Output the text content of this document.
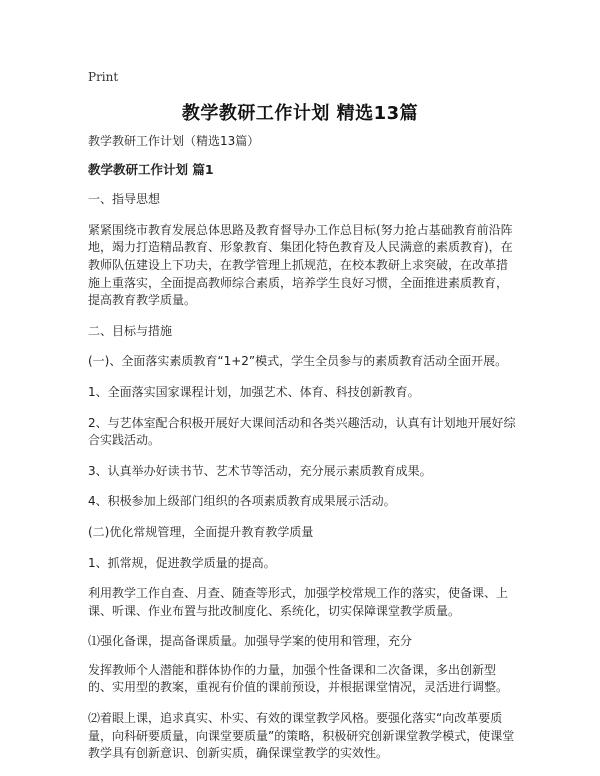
Print
教学教研工作计划 精选13篇

教学教研工作计划（精选13篇）

教学教研工作计划 篇1

一、指导思想

紧紧围绕市教育发展总体思路及教育督导办工作总目标(努力抢占基础教育前沿阵地，竭力打造精品教育、形象教育、集团化特色教育及人民满意的素质教育)，在教师队伍建设上下功夫，在教学管理上抓规范，在校本教研上求突破，在改革措施上重落实，全面提高教师综合素质，培养学生良好习惯，全面推进素质教育，提高教育教学质量。

二、目标与措施

(一)、全面落实素质教育“1+2”模式，学生全员参与的素质教育活动全面开展。

1、全面落实国家课程计划，加强艺术、体育、科技创新教育。

2、与艺体室配合积极开展好大课间活动和各类兴趣活动，认真有计划地开展好综合实践活动。

3、认真举办好读书节、艺术节等活动，充分展示素质教育成果。

4、积极参加上级部门组织的各项素质教育成果展示活动。

(二)优化常规管理，全面提升教育教学质量

1、抓常规，促进教学质量的提高。

利用教学工作自查、月查、随查等形式，加强学校常规工作的落实，使备课、上课、听课、作业布置与批改制度化、系统化，切实保障课堂教学质量。

⑴强化备课，提高备课质量。加强导学案的使用和管理，充分

发挥教师个人潜能和群体协作的力量，加强个性备课和二次备课，多出创新型的、实用型的教案，重视有价值的课前预设，并根据课堂情况，灵活进行调整。

⑵着眼上课，追求真实、朴实、有效的课堂教学风格。要强化落实“向改革要质量，向科研要质量，向课堂要质量”的策略，积极研究创新课堂教学模式，使课堂教学具有创新意识、创新实质，确保课堂教学的实效性。
